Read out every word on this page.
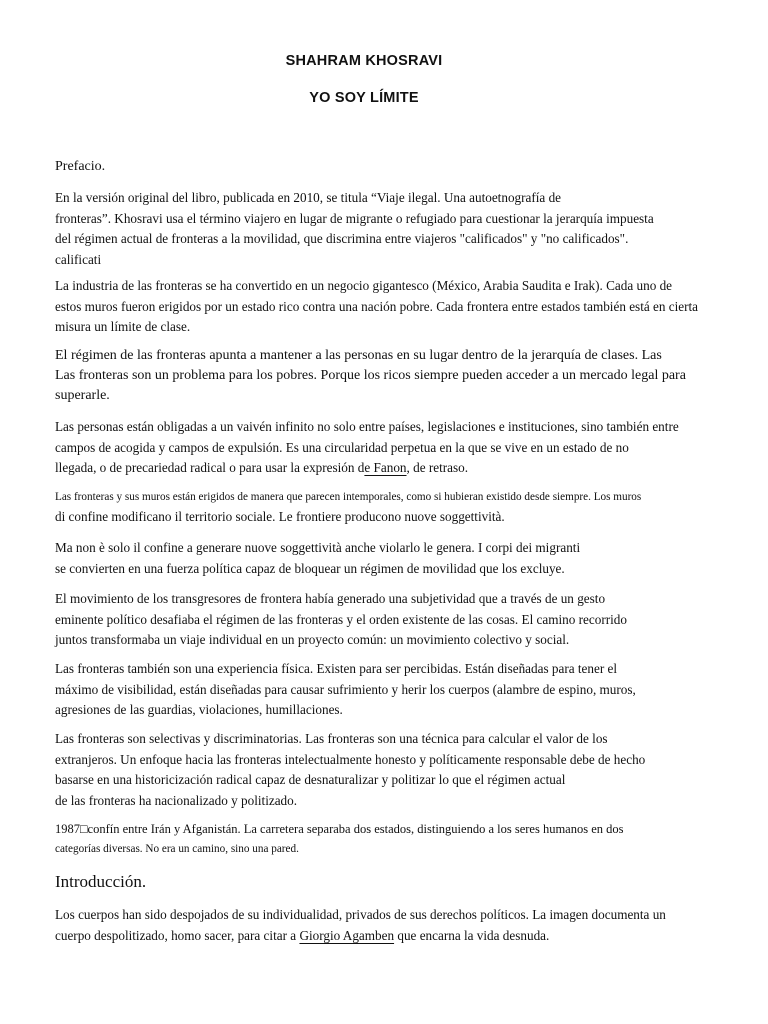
SHAHRAM KHOSRAVI
YO SOY LÍMITE

Prefacio.

En la versión original del libro, publicada en 2010, se titula “Viaje ilegal. Una autoetnografía de
fronteras”. Khosravi usa el término viajero en lugar de migrante o refugiado para cuestionar la jerarquía impuesta
del régimen actual de fronteras a la movilidad, que discrimina entre viajeros "calificados" y "no calificados".
calificati

La industria de las fronteras se ha convertido en un negocio gigantesco (México, Arabia Saudita e Irak). Cada uno de
estos muros fueron erigidos por un estado rico contra una nación pobre. Cada frontera entre estados también está en cierta
misura un límite de clase.

El régimen de las fronteras apunta a mantener a las personas en su lugar dentro de la jerarquía de clases. Las
Las fronteras son un problema para los pobres. Porque los ricos siempre pueden acceder a un mercado legal para
superarle.

Las personas están obligadas a un vaivén infinito no solo entre países, legislaciones e instituciones, sino también entre
campos de acogida y campos de expulsión. Es una circularidad perpetua en la que se vive en un estado de no
llegada, o de precariedad radical o para usar la expresión de Fanon, de retraso.

Las fronteras y sus muros están erigidos de manera que parecen intemporales, como si hubieran existido desde siempre. Los muros
di confine modificano il territorio sociale. Le frontiere producono nuove soggettività.

Ma non è solo il confine a generare nuove soggettività anche violarlo le genera. I corpi dei migranti
se convierten en una fuerza política capaz de bloquear un régimen de movilidad que los excluye.

El movimiento de los transgresores de frontera había generado una subjetividad que a través de un gesto
eminente político desafiaba el régimen de las fronteras y el orden existente de las cosas. El camino recorrido
juntos transformaba un viaje individual en un proyecto común: un movimiento colectivo y social.

Las fronteras también son una experiencia física. Existen para ser percibidas. Están diseñadas para tener el
máximo de visibilidad, están diseñadas para causar sufrimiento y herir los cuerpos (alambre de espino, muros,
agresiones de las guardias, violaciones, humillaciones.

Las fronteras son selectivas y discriminatorias. Las fronteras son una técnica para calcular el valor de los
extranjeros. Un enfoque hacia las fronteras intelectualmente honesto y políticamente responsable debe de hecho
basarse en una historicización radical capaz de desnaturalizar y politizar lo que el régimen actual
de las fronteras ha nacionalizado y politizado.

1987□confín entre Irán y Afganistán. La carretera separaba dos estados, distinguiendo a los seres humanos en dos
categorías diversas. No era un camino, sino una pared.

Introducción.

Los cuerpos han sido despojados de su individualidad, privados de sus derechos políticos. La imagen documenta un
cuerpo despolitizado, homo sacer, para citar a Giorgio Agamben que encarna la vida desnuda.
